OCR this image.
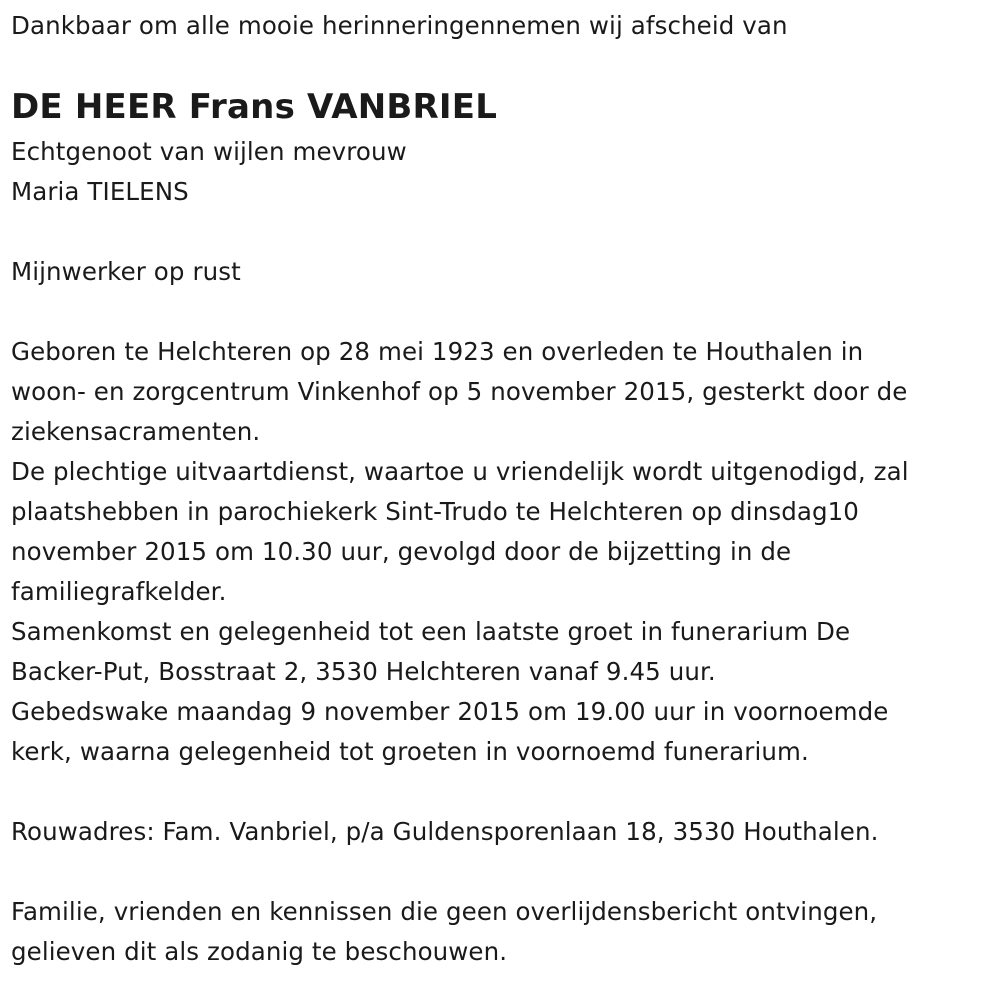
Dankbaar om alle mooie herinneringennemen wij afscheid van
DE HEER Frans VANBRIEL
Echtgenoot van wijlen mevrouw
Maria TIELENS
Mijnwerker op rust
Geboren te Helchteren op 28 mei 1923 en overleden te Houthalen in
woon- en zorgcentrum Vinkenhof op 5 november 2015, gesterkt door de
ziekensacramenten.
De plechtige uitvaartdienst, waartoe u vriendelijk wordt uitgenodigd, zal
plaatshebben in parochiekerk Sint-Trudo te Helchteren op dinsdag10
november 2015 om 10.30 uur, gevolgd door de bijzetting in de
familiegrafkelder.
Samenkomst en gelegenheid tot een laatste groet in funerarium De
Backer-Put, Bosstraat 2, 3530 Helchteren vanaf 9.45 uur.
Gebedswake maandag 9 november 2015 om 19.00 uur in voornoemde
kerk, waarna gelegenheid tot groeten in voornoemd funerarium.
Rouwadres: Fam. Vanbriel, p/a Guldensporenlaan 18, 3530 Houthalen.
Familie, vrienden en kennissen die geen overlijdensbericht ontvingen,
gelieven dit als zodanig te beschouwen.
